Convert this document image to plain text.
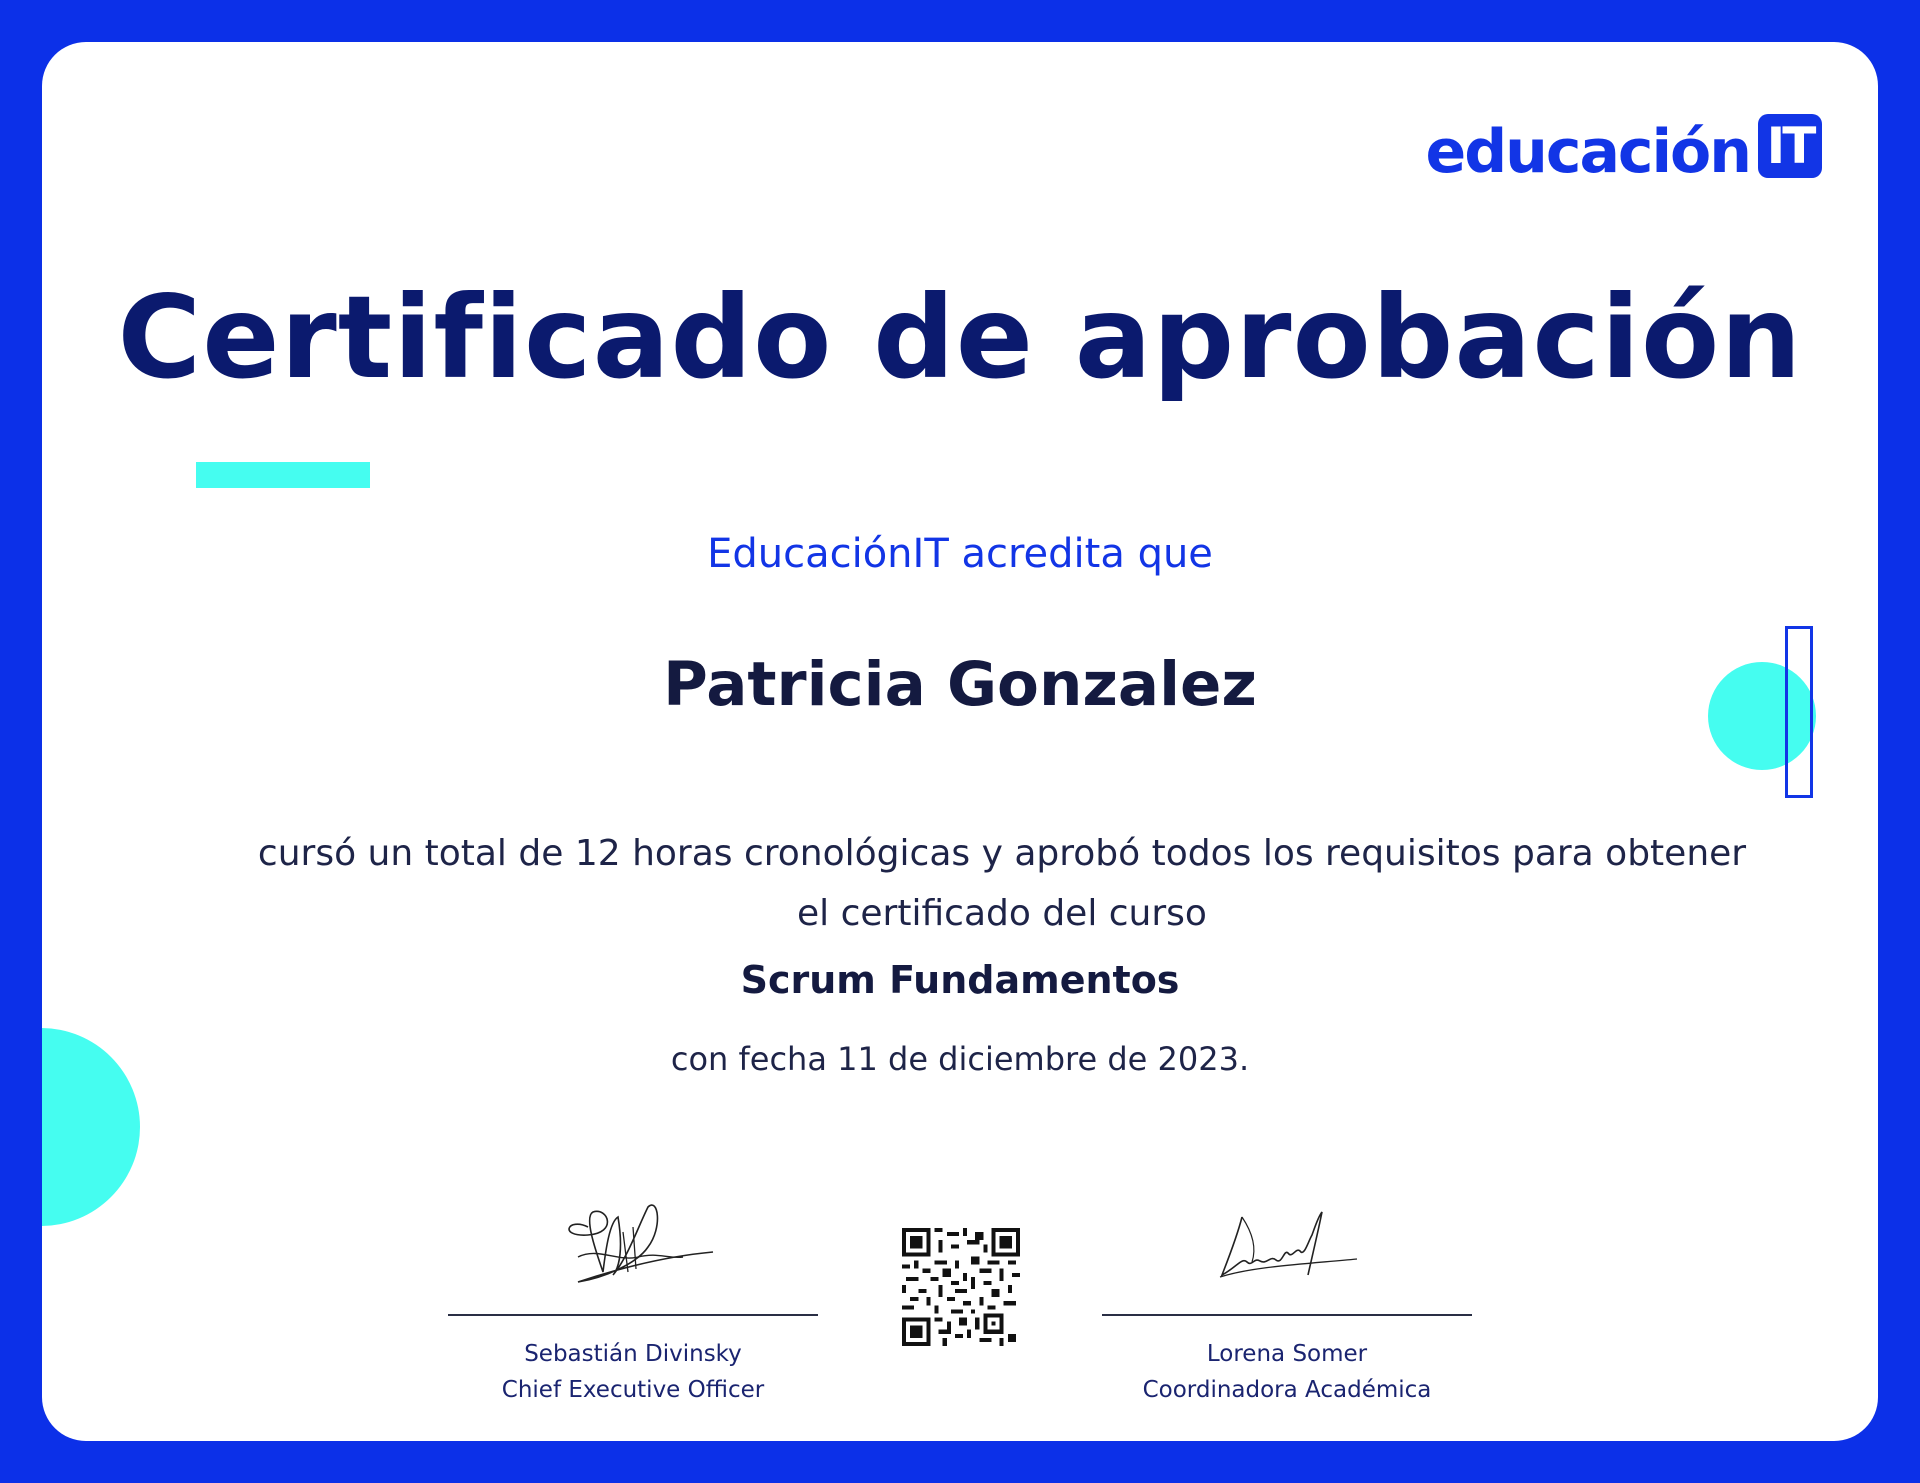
educación IT
Certificado de aprobación
EducaciónIT acredita que
Patricia Gonzalez
cursó un total de 12 horas cronológicas y aprobó todos los requisitos para obtener
el certificado del curso
Scrum Fundamentos
con fecha 11 de diciembre de 2023.
Sebastián Divinsky
Chief Executive Officer
Lorena Somer
Coordinadora Académica
